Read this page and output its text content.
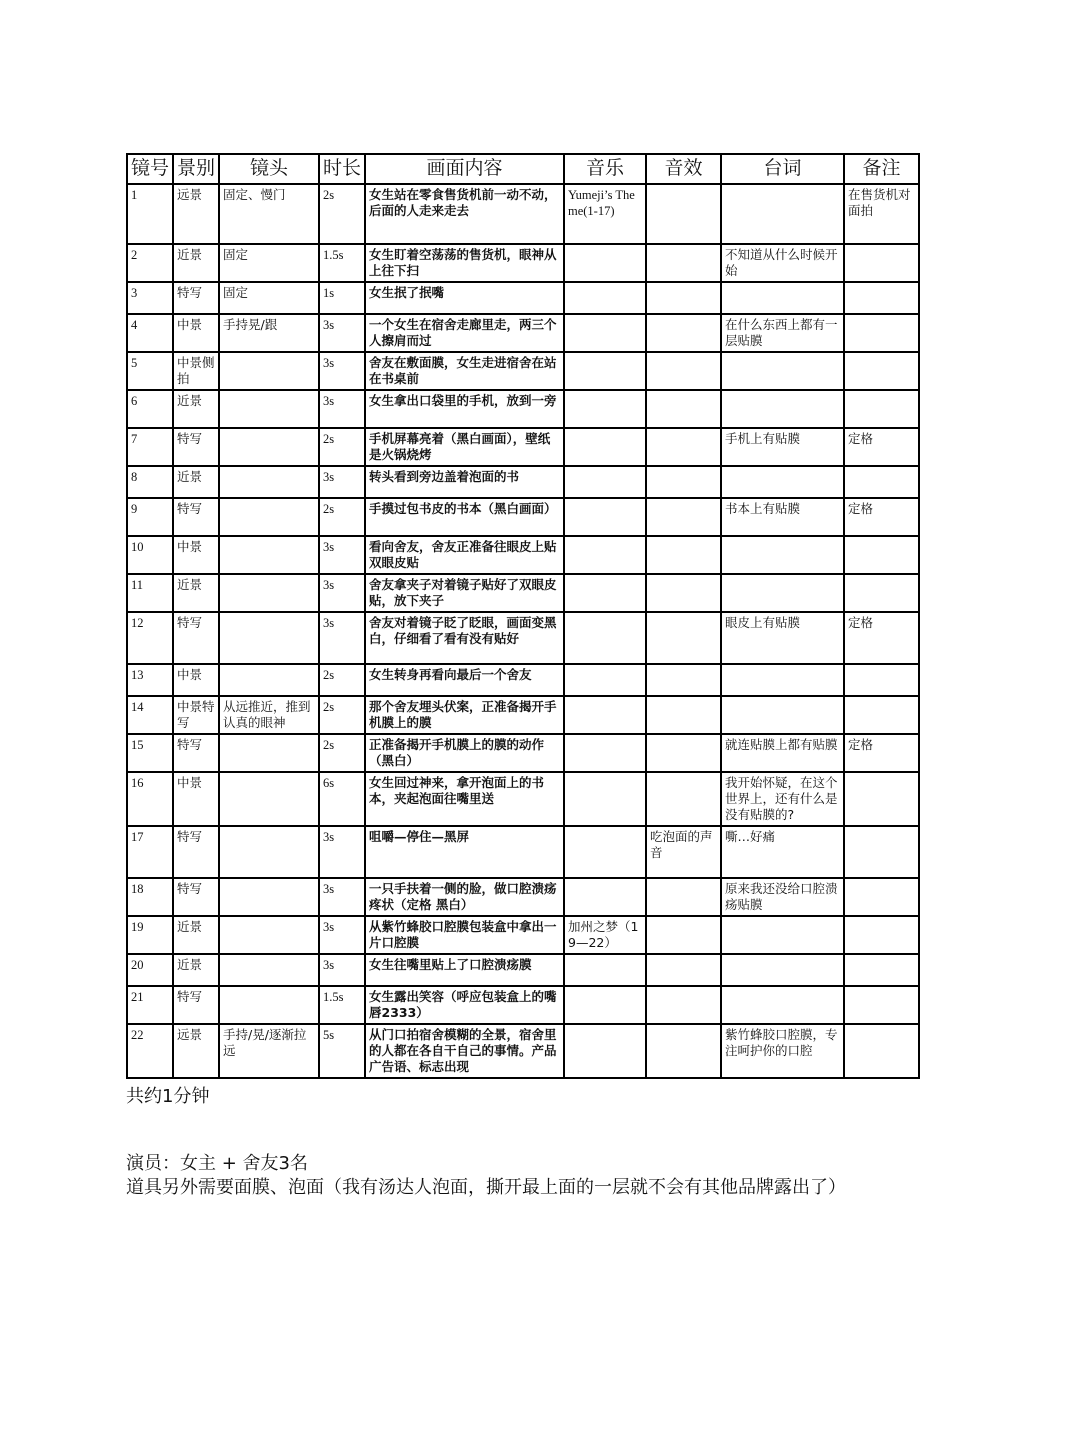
镜号	景别	镜头	时长	画面内容	音乐	音效	台词	备注
1	远景	固定、慢门	2s	女生站在零食售货机前一动不动，后面的人走来走去	Yumeji’s Theme(1-17)			在售货机对面拍
2	近景	固定	1.5s	女生盯着空荡荡的售货机，眼神从上往下扫			不知道从什么时候开始	
3	特写	固定	1s	女生抿了抿嘴				
4	中景	手持晃/跟	3s	一个女生在宿舍走廊里走，两三个人擦肩而过			在什么东西上都有一层贴膜	
5	中景侧拍		3s	舍友在敷面膜，女生走进宿舍在站在书桌前				
6	近景		3s	女生拿出口袋里的手机，放到一旁				
7	特写		2s	手机屏幕亮着（黑白画面），壁纸是火锅烧烤			手机上有贴膜	定格
8	近景		3s	转头看到旁边盖着泡面的书				
9	特写		2s	手摸过包书皮的书本（黑白画面）			书本上有贴膜	定格
10	中景		3s	看向舍友，舍友正准备往眼皮上贴双眼皮贴				
11	近景		3s	舍友拿夹子对着镜子贴好了双眼皮贴，放下夹子				
12	特写		3s	舍友对着镜子眨了眨眼，画面变黑白，仔细看了看有没有贴好			眼皮上有贴膜	定格
13	中景		2s	女生转身再看向最后一个舍友				
14	中景特写	从远推近，推到认真的眼神	2s	那个舍友埋头伏案，正准备揭开手机膜上的膜				
15	特写		2s	正准备揭开手机膜上的膜的动作（黑白）			就连贴膜上都有贴膜	定格
16	中景		6s	女生回过神来，拿开泡面上的书本，夹起泡面往嘴里送			我开始怀疑，在这个世界上，还有什么是没有贴膜的?	
17	特写		3s	咀嚼—停住—黑屏		吃泡面的声音	嘶…好痛	
18	特写		3s	一只手扶着一侧的脸，做口腔溃疡疼状（定格 黑白）			原来我还没给口腔溃疡贴膜	
19	近景		3s	从紫竹蜂胶口腔膜包装盒中拿出一片口腔膜	加州之梦（19—22）			
20	近景		3s	女生往嘴里贴上了口腔溃疡膜				
21	特写		1.5s	女生露出笑容（呼应包装盒上的嘴唇2333）				
22	远景	手持/晃/逐渐拉远	5s	从门口拍宿舍模糊的全景，宿舍里的人都在各自干自己的事情。产品广告语、标志出现			紫竹蜂胶口腔膜，专注呵护你的口腔	
共约1分钟
演员：女主 + 舍友3名
道具另外需要面膜、泡面（我有汤达人泡面，撕开最上面的一层就不会有其他品牌露出了）
